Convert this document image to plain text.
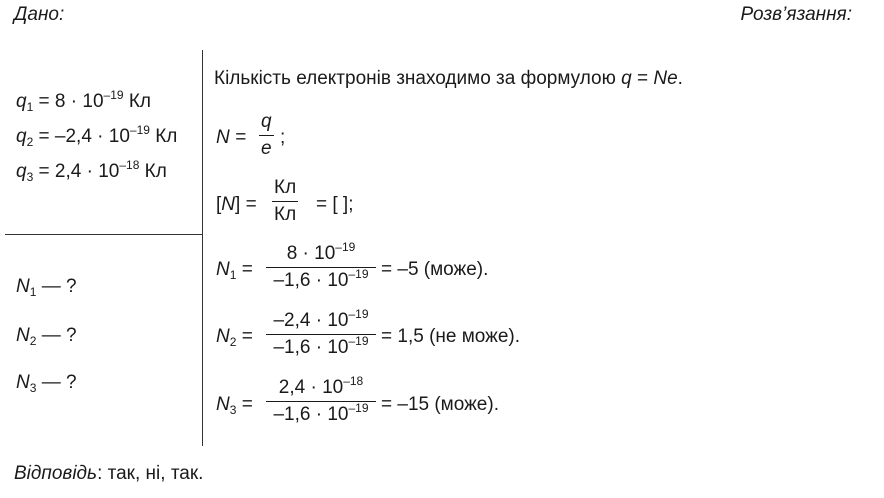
Дано:	Розв’язання:
$q_1 = 8 \cdot 10^{-19}$ Кл
$q_2 = -2,4 \cdot 10^{-19}$ Кл
$q_3 = 2,4 \cdot 10^{-18}$ Кл
$N_1$ — ?
$N_2$ — ?
$N_3$ — ?
Кількість електронів знаходимо за формулою q = Ne.
$N = \frac{q}{e}$ ;
[N] =
Кл
Кл = [ ];
$N_1 = \frac{8 \cdot 10^{-19}}{-1,6 \cdot 10^{-19}} = -5$ (може).
$N_2 = \frac{-2,4 \cdot 10^{-19}}{-1,6 \cdot 10^{-19}} = 1,5$ (не може).
$N_3 = \frac{2,4 \cdot 10^{-18}}{-1,6 \cdot 10^{-19}} = -15$ (може).
Відповідь: так, ні, так.
